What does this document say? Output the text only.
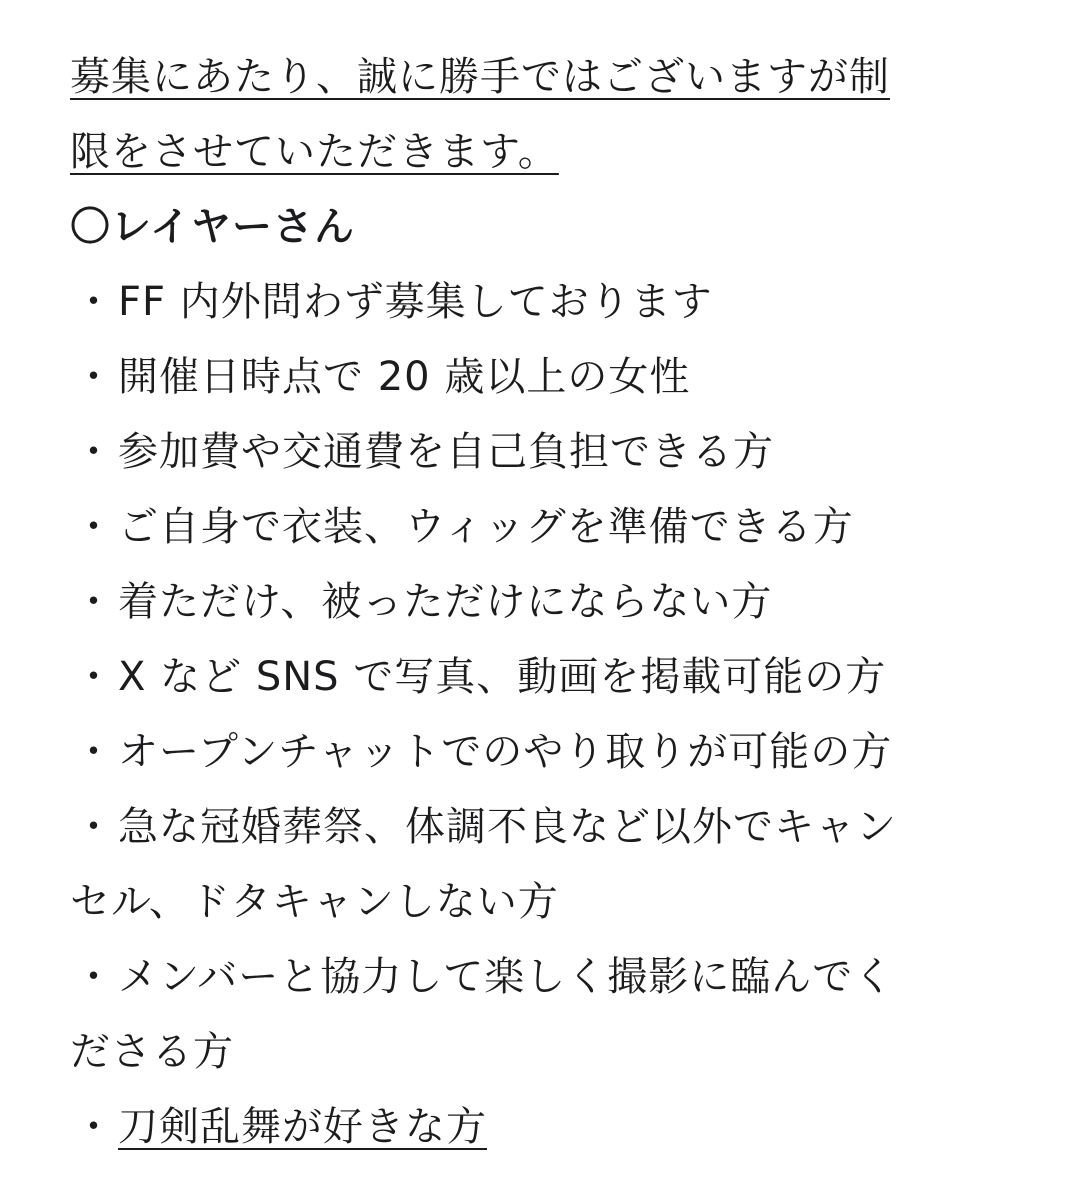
募集にあたり、誠に勝手ではございますが制
限をさせていただきます。

〇レイヤーさん

・FF 内外問わず募集しております
・開催日時点で 20 歳以上の女性
・参加費や交通費を自己負担できる方
・ご自身で衣装、ウィッグを準備できる方
・着ただけ、被っただけにならない方
・X など SNS で写真、動画を掲載可能の方
・オープンチャットでのやり取りが可能の方
・急な冠婚葬祭、体調不良など以外でキャン
セル、ドタキャンしない方
・メンバーと協力して楽しく撮影に臨んでく
ださる方
・刀剣乱舞が好きな方
